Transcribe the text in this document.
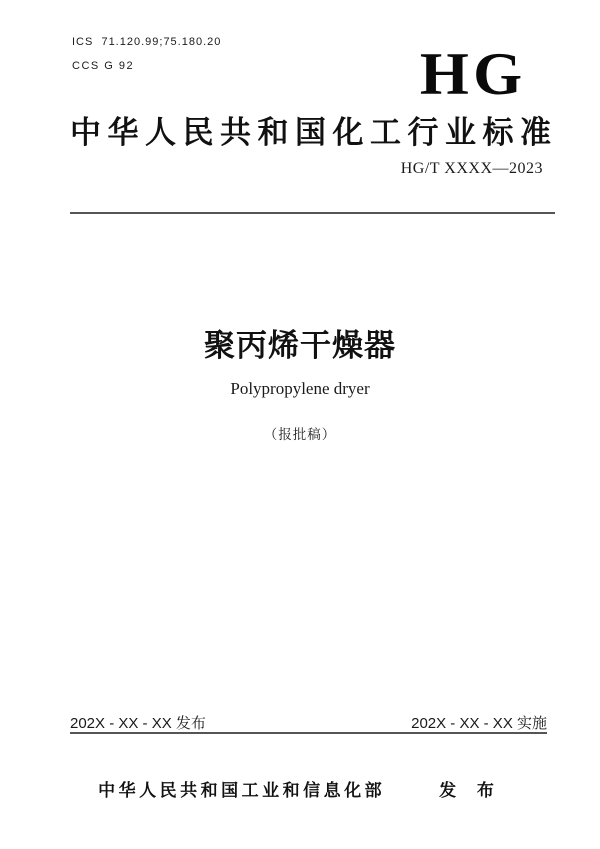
ICS  71.120.99;75.180.20
CCS G 92	HG
中华人民共和国化工行业标准
HG/T XXXX—2023
聚丙烯干燥器
Polypropylene dryer
（报批稿）
202X - XX - XX 发布	202X - XX - XX 实施
中华人民共和国工业和信息化部	发 布
